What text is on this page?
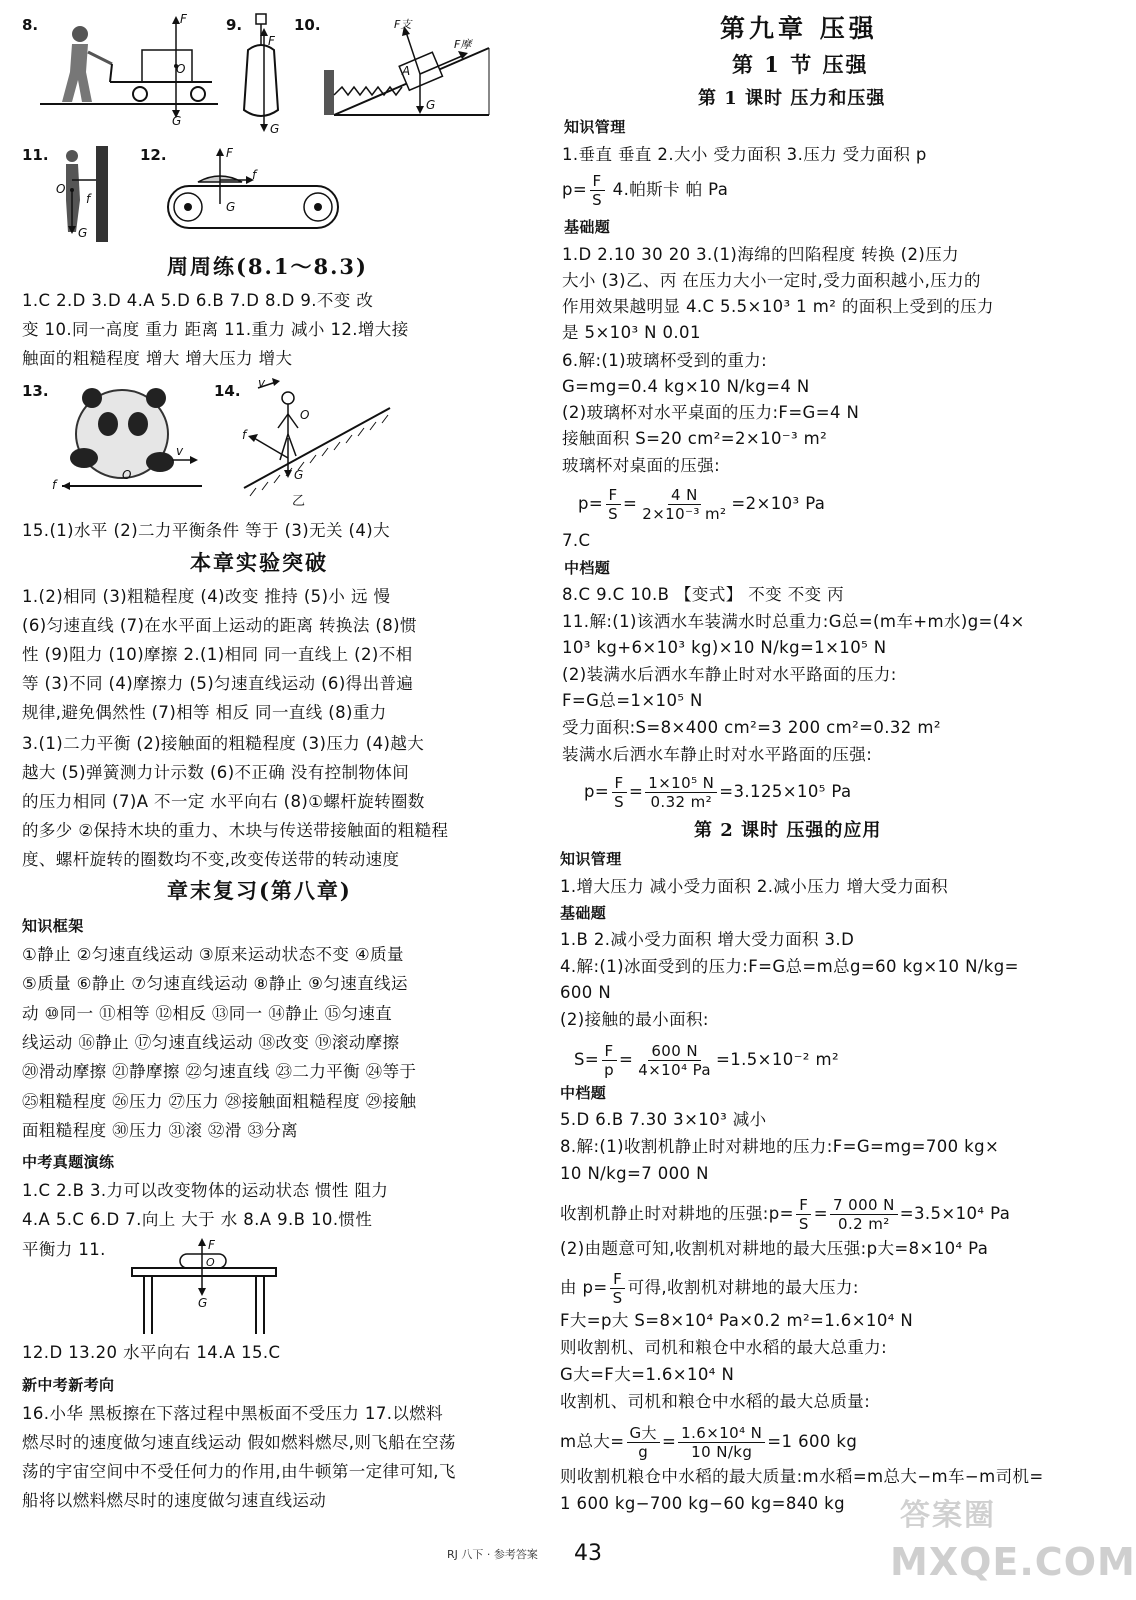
8.	F
O
G
9.
F
G
10.	F支
F摩
A
G
11.
O
f
G
12.	F
f
G
周周练(8.1～8.3)
1.C 2.D 3.D 4.A 5.D 6.B 7.D 8.D 9.不变 改
变 10.同一高度 重力 距离 11.重力 减小 12.增大接
触面的粗糙程度 增大 增大压力 增大
13.
v
O
f
14. v
O
f
G
乙
15.(1)水平 (2)二力平衡条件 等于 (3)无关 (4)大
本章实验突破
1.(2)相同 (3)粗糙程度 (4)改变 推持 (5)小 远 慢
(6)匀速直线 (7)在水平面上运动的距离 转换法 (8)惯
性 (9)阻力 (10)摩擦 2.(1)相同 同一直线上 (2)不相
等 (3)不同 (4)摩擦力 (5)匀速直线运动 (6)得出普遍
规律,避免偶然性 (7)相等 相反 同一直线 (8)重力
3.(1)二力平衡 (2)接触面的粗糙程度 (3)压力 (4)越大
越大 (5)弹簧测力计示数 (6)不正确 没有控制物体间
的压力相同 (7)A 不一定 水平向右 (8)①螺杆旋转圈数
的多少 ②保持木块的重力、木块与传送带接触面的粗糙程
度、螺杆旋转的圈数均不变,改变传送带的转动速度
章末复习(第八章)
知识框架
①静止 ②匀速直线运动 ③原来运动状态不变 ④质量
⑤质量 ⑥静止 ⑦匀速直线运动 ⑧静止 ⑨匀速直线运
动 ⑩同一 ⑪相等 ⑫相反 ⑬同一 ⑭静止 ⑮匀速直
线运动 ⑯静止 ⑰匀速直线运动 ⑱改变 ⑲滚动摩擦
⑳滑动摩擦 ㉑静摩擦 ㉒匀速直线 ㉓二力平衡 ㉔等于
㉕粗糙程度 ㉖压力 ㉗压力 ㉘接触面粗糙程度 ㉙接触
面粗糙程度 ㉚压力 ㉛滚 ㉜滑 ㉝分离
中考真题演练
1.C 2.B 3.力可以改变物体的运动状态 惯性 阻力
4.A 5.C 6.D 7.向上 大于 水 8.A 9.B 10.惯性
平衡力 11.	F
O
G
12.D 13.20 水平向右 14.A 15.C
新中考新考向
16.小华 黑板擦在下落过程中黑板面不受压力 17.以燃料
燃尽时的速度做匀速直线运动 假如燃料燃尽,则飞船在空荡
荡的宇宙空间中不受任何力的作用,由牛顿第一定律可知,飞
船将以燃料燃尽时的速度做匀速直线运动
第九章 压强
第 1 节 压强
第 1 课时 压力和压强
知识管理
1.垂直 垂直 2.大小 受力面积 3.压力 受力面积 p
$p= \frac{F}{S} 4$.帕斯卡 帕 Pa
基础题
1.D 2.10 30 20 3.(1)海绵的凹陷程度 转换 (2)压力
大小 (3)乙、丙 在压力大小一定时,受力面积越小,压力的
作用效果越明显 4.C 5.5×10³ 1 m² 的面积上受到的压力
是 5×10³ N 0.01
6.解:(1)玻璃杯受到的重力:
G=mg=0.4 kg×10 N/kg=4 N
(2)玻璃杯对水平桌面的压力:F=G=4 N
接触面积 S=20 cm²=2×10⁻³ m²
玻璃杯对桌面的压强:
$p= \frac{F}{S} = \frac{4 N}{\text{2×10⁻³ m²}} =2\times 10^3$ Pa
7.C
中档题
8.C 9.C 10.B 【变式】 不变 不变 丙
11.解:(1)该洒水车装满水时总重力:G总=(m车+m水)g=(4×
10³ kg+6×10³ kg)×10 N/kg=1×10⁵ N
(2)装满水后洒水车静止时对水平路面的压力:
F=G总=1×10⁵ N
受力面积:S=8×400 cm²=3 200 cm²=0.32 m²
装满水后洒水车静止时对水平路面的压强:
$p= \frac{F}{S} = \frac{\text{1×10⁵ N}}{\text{0.32 m²}} =3.125\times 10^5$ Pa
第 2 课时 压强的应用
知识管理
1.增大压力 减小受力面积 2.减小压力 增大受力面积
基础题
1.B 2.减小受力面积 增大受力面积 3.D
4.解:(1)冰面受到的压力:F=G总=m总g=60 kg×10 N/kg=
600 N
(2)接触的最小面积:
$S= \frac{F}{p} = \frac{600 N}{\text{4×10⁴ Pa}} =1.5\times 10^{-2}$ m²
中档题
5.D 6.B 7.30 3×10³ 减小
8.解:(1)收割机静止时对耕地的压力:F=G=mg=700 kg×
10 N/kg=7 000 N
收割机静止时对耕地的压强:p= $\frac{F}{S} = \frac{7 000 N}{\text{0.2 m²}} =3.5\times 10^4$ Pa
(2)由题意可知,收割机对耕地的最大压强:p大=8×10⁴ Pa
由 $p= \frac{F}{S}$ 可得,收割机对耕地的最大压力:
F大=p大 S=8×10⁴ Pa×0.2 m²=1.6×10⁴ N
则收割机、司机和粮仓中水稻的最大总重力:
G大=F大=1.6×10⁴ N
收割机、司机和粮仓中水稻的最大总质量:
m总大= $\frac{\text{G大}}{g} = \frac{\text{1.6×10⁴ N}}{10 N/kg} =1$ 600 kg
则收割机粮仓中水稻的最大质量:m水稻=m总大−m车−m司机=
1 600 kg−700 kg−60 kg=840 kg
RJ 八下 · 参考答案 43
答案圈
MXQE.COM
